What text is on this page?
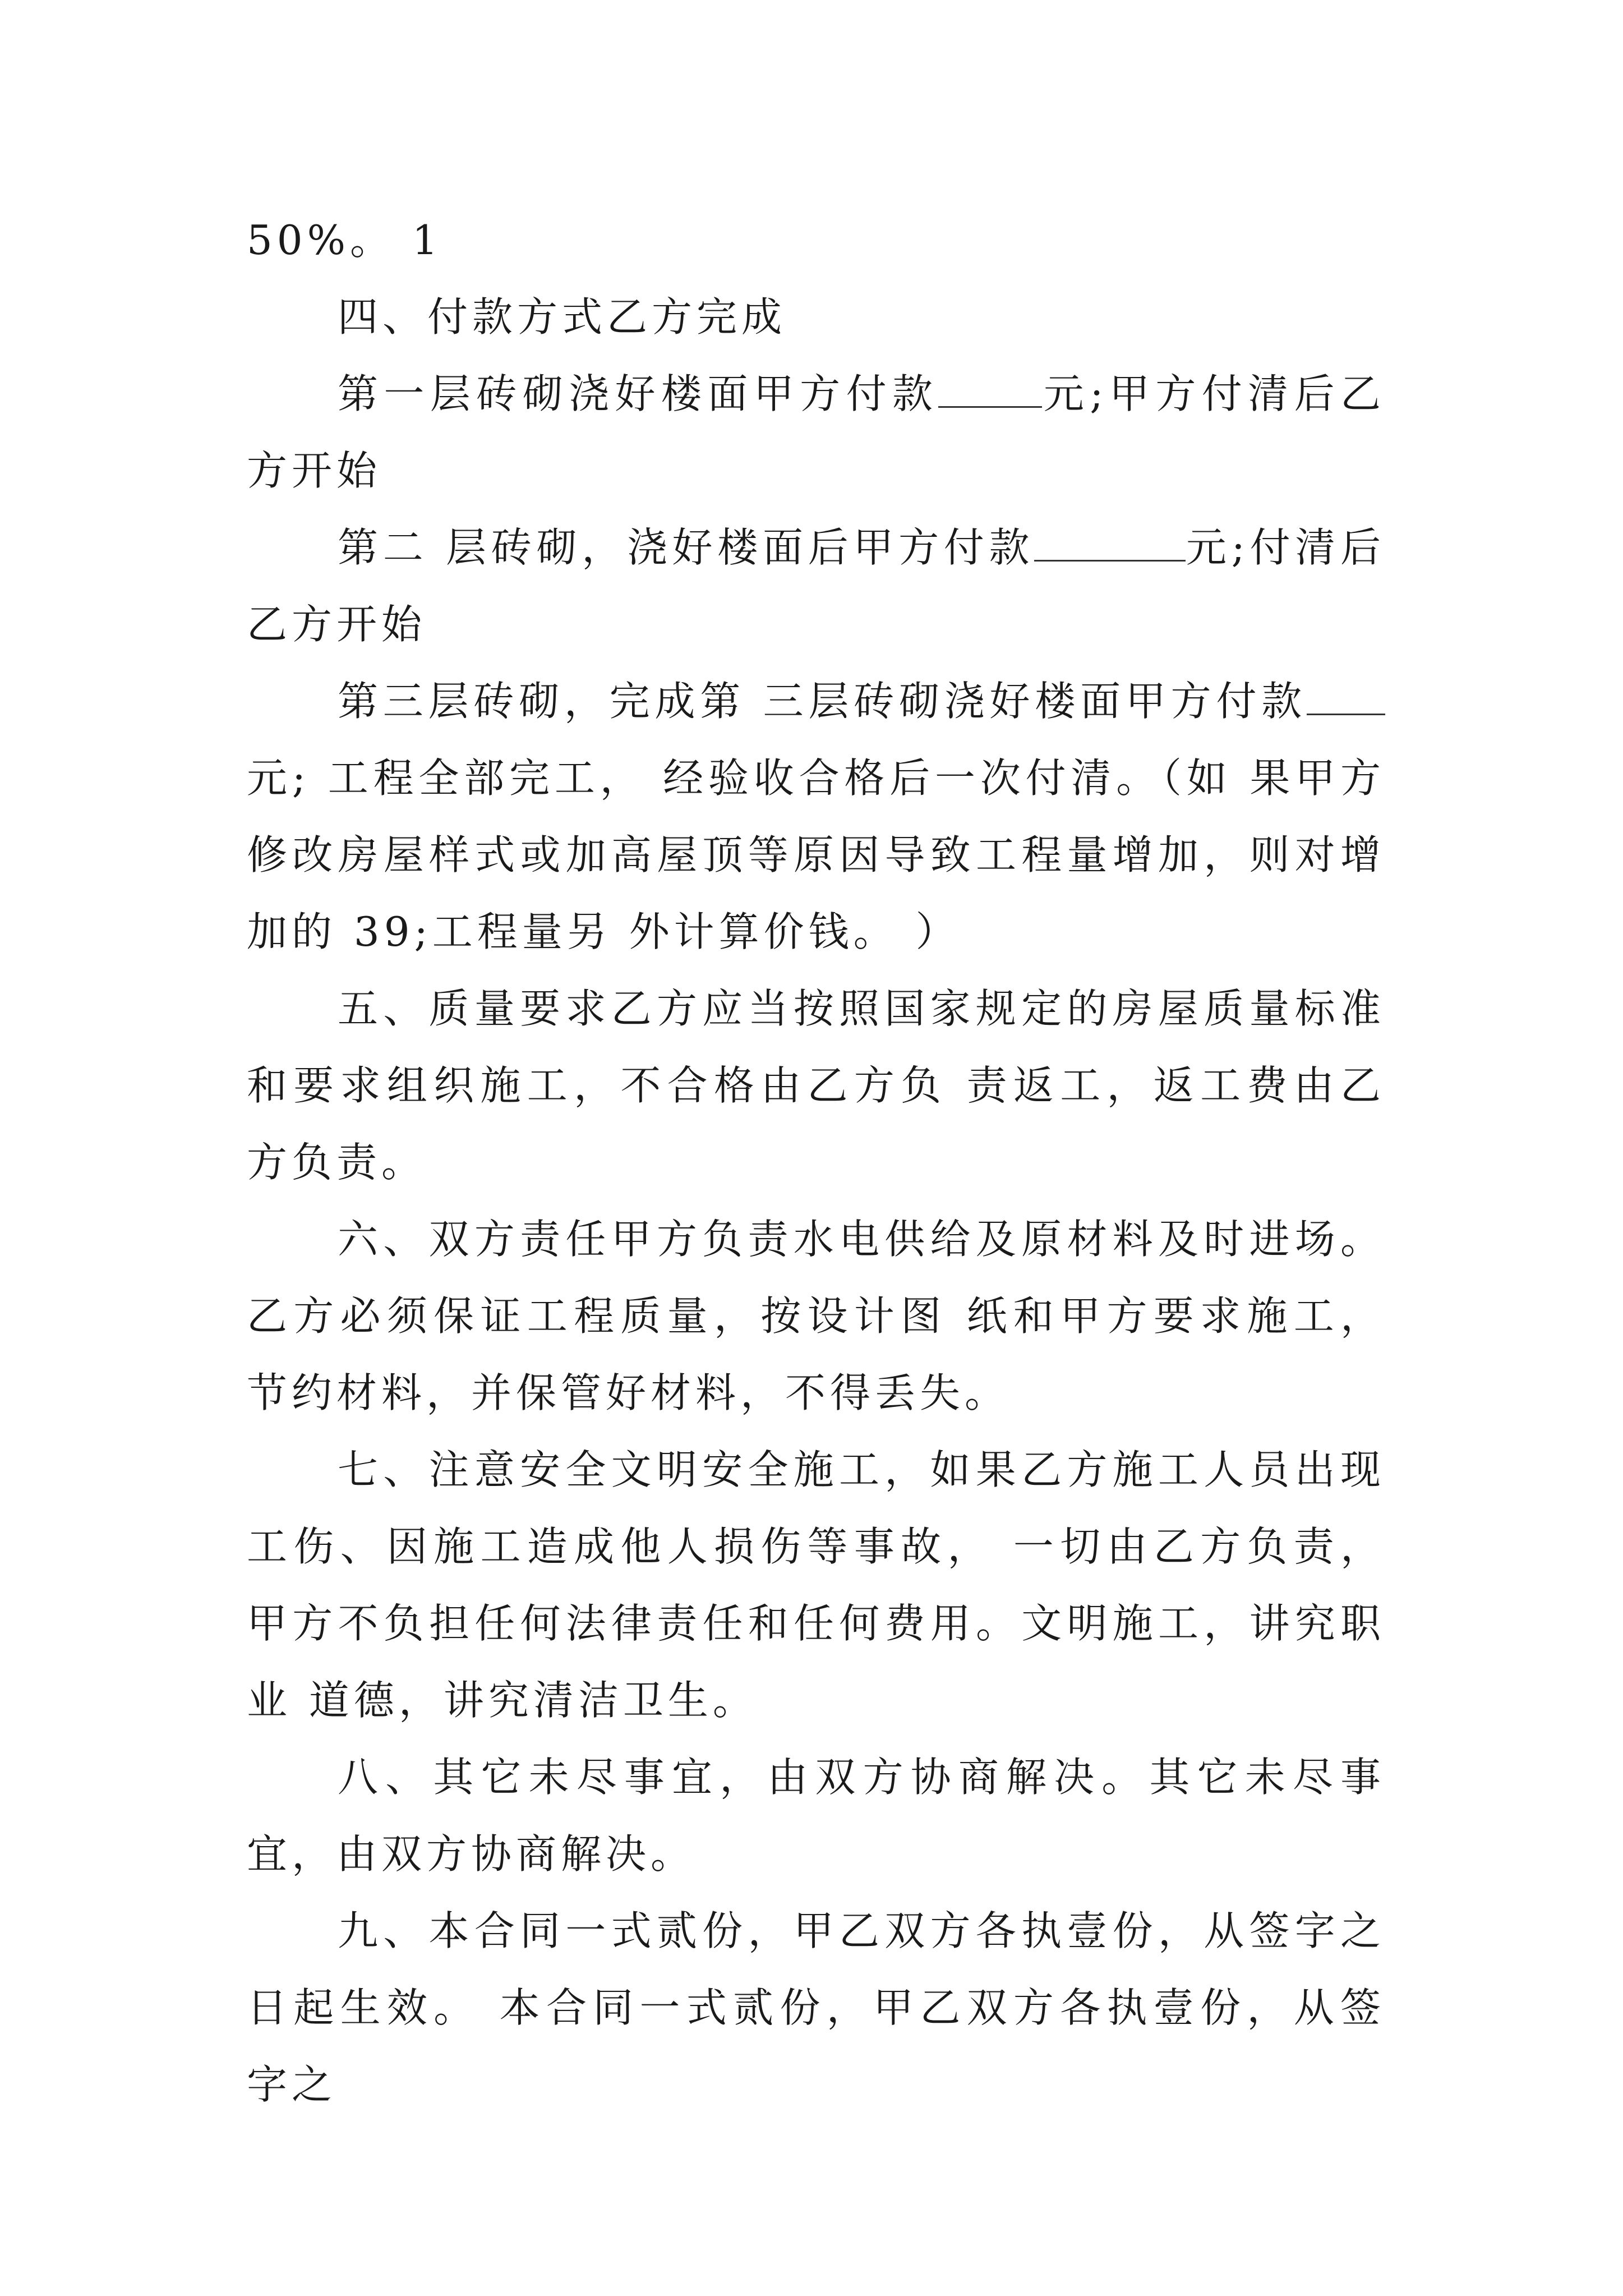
50%。 1

四、付款方式乙方完成

第一层砖砌浇好楼面甲方付款	元;甲方付清后乙方开始

第二 层砖砌，浇好楼面后甲方付款	元;付清后乙方开始

第三层砖砌，完成第 三层砖砌浇好楼面甲方付款元; 工程全部完工， 经验收合格后一次付清。（如 果甲方修改房屋样式或加高屋顶等原因导致工程量增加，则对增加的 39;工程量另 外计算价钱。 ）

五、质量要求乙方应当按照国家规定的房屋质量标准和要求组织施工，不合格由乙方负 责返工，返工费由乙方负责。

六、双方责任甲方负责水电供给及原材料及时进场。乙方必须保证工程质量，按设计图 纸和甲方要求施工，节约材料，并保管好材料，不得丢失。

七、注意安全文明安全施工，如果乙方施工人员出现工伤、因施工造成他人损伤等事故， 一切由乙方负责，甲方不负担任何法律责任和任何费用。文明施工，讲究职业 道德，讲究清洁卫生。

八、其它未尽事宜，由双方协商解决。其它未尽事宜，由双方协商解决。

九、本合同一式贰份，甲乙双方各执壹份，从签字之日起生效。 本合同一式贰份，甲乙双方各执壹份，从签字之
